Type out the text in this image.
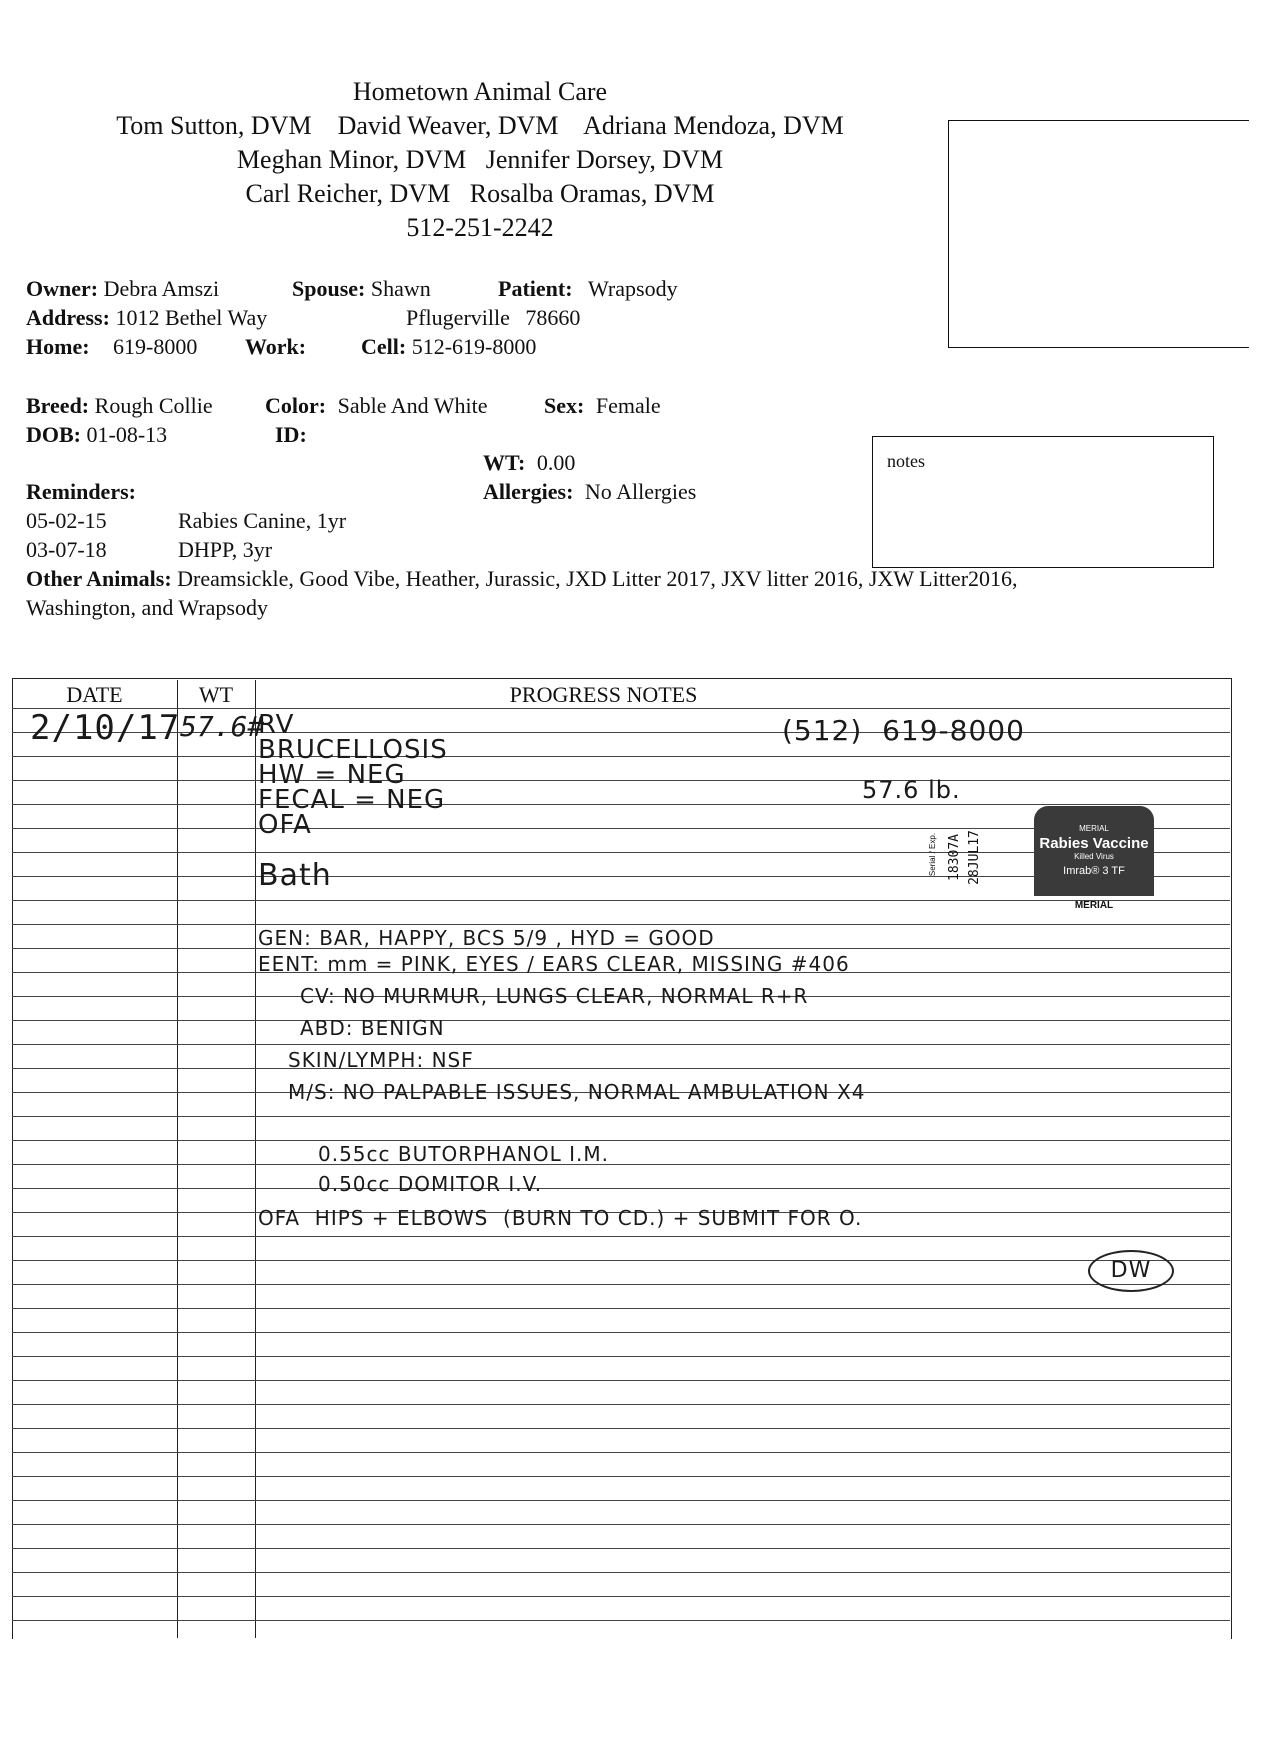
Hometown Animal Care
Tom Sutton, DVM    David Weaver, DVM    Adriana Mendoza, DVM
Meghan Minor, DVM   Jennifer Dorsey, DVM
Carl Reicher, DVM   Rosalba Oramas, DVM
512-251-2242
Owner: Debra Amszi	Spouse: Shawn	Patient: Wrapsody
Address: 1012 Bethel Way	Pflugerville 78660
Home: 619-8000 Work: Cell: 512-619-8000
Breed: Rough Collie Color: Sable And White	Sex: Female
DOB: 01-08-13	ID:
WT: 0.00
Allergies: No Allergies
notes
Reminders:
05-02-15	Rabies Canine, 1yr
03-07-18	DHPP, 3yr
Other Animals: Dreamsickle, Good Vibe, Heather, Jurassic, JXD Litter 2017, JXV litter 2016, JXW Litter2016,
Washington, and Wrapsody
DATE	WT	PROGRESS NOTES
2/10/17 57.6#
RV
BRUCELLOSIS
HW = NEG
FECAL = NEG
OFA
Bath
(512)  619-8000
57.6 lb.
GEN: BAR, HAPPY, BCS 5/9 , HYD = GOOD
EENT: mm = PINK, EYES / EARS CLEAR, MISSING #406
CV: NO MURMUR, LUNGS CLEAR, NORMAL R+R
ABD: BENIGN
SKIN/LYMPH: NSF
M/S: NO PALPABLE ISSUES, NORMAL AMBULATION X4
0.55cc BUTORPHANOL I.M.
0.50cc DOMITOR I.V.
OFA  HIPS + ELBOWS  (BURN TO CD.) + SUBMIT FOR O.
DW
18307A 28JUL17
Serial / Exp.
MERIAL
Rabies Vaccine
Killed Virus
Imrab® 3 TF
MERIAL
